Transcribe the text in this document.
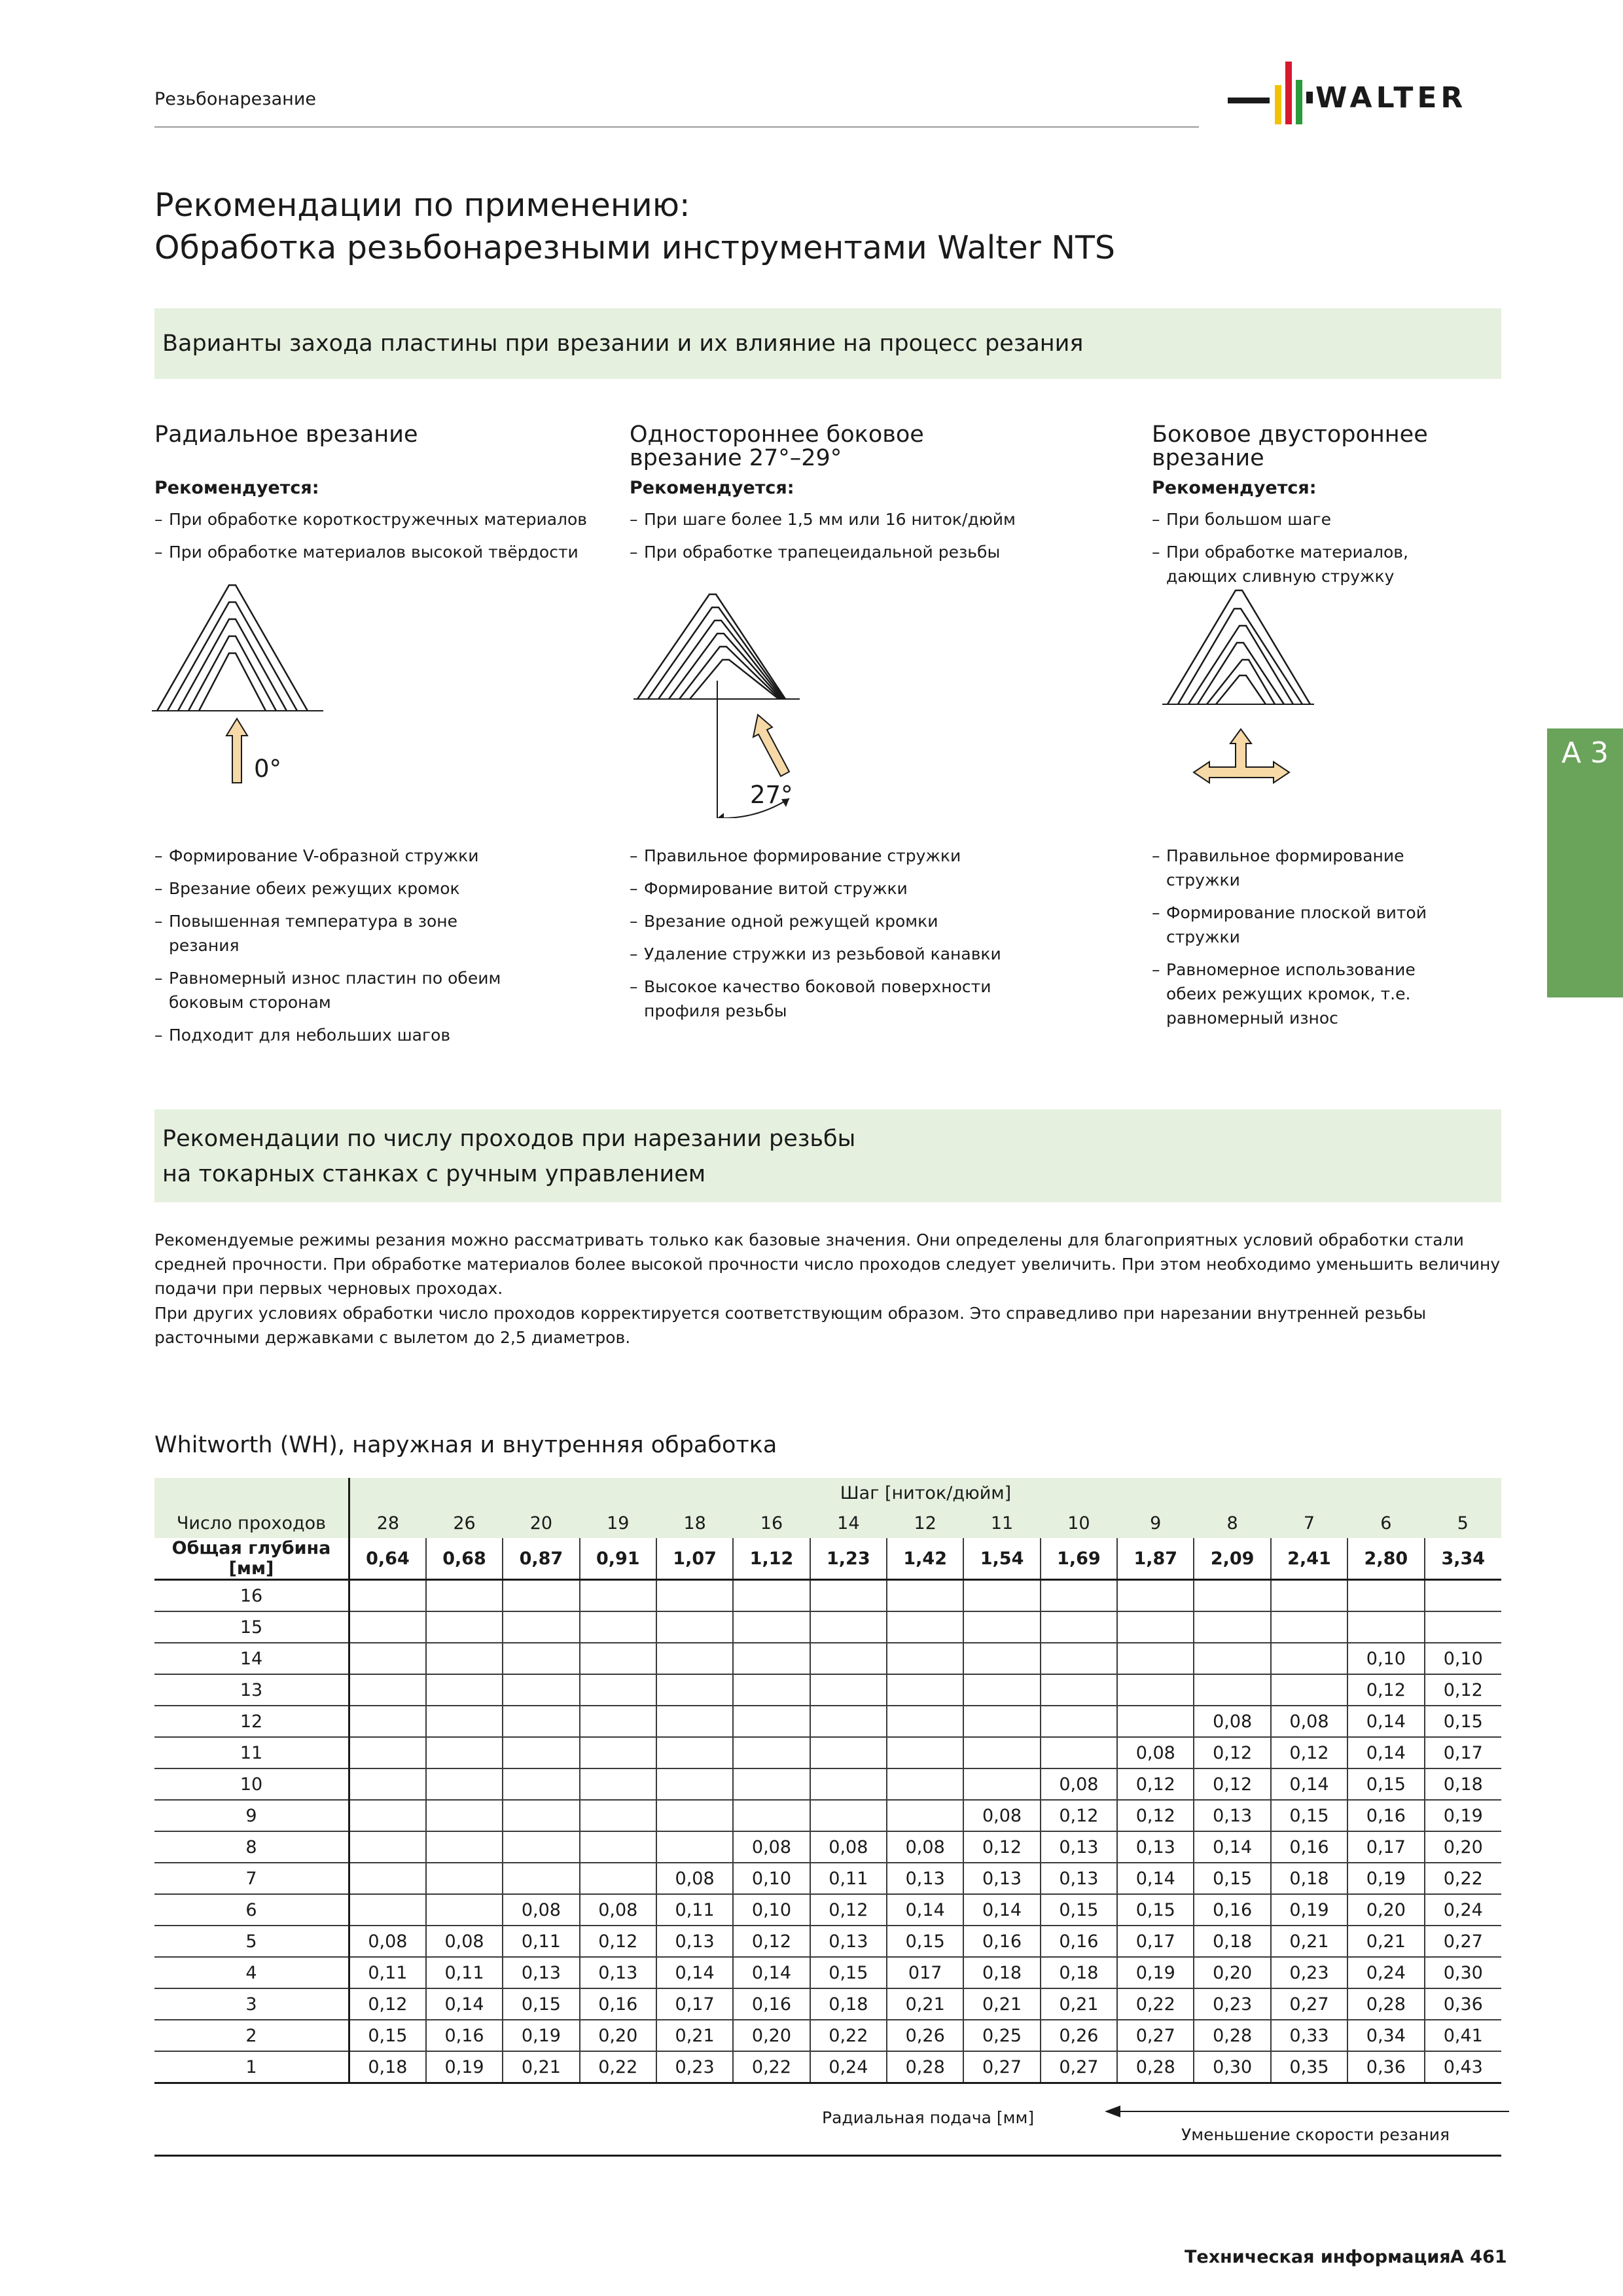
Резьбонарезание	WALTER
A 3
Рекомендации по применению:
Обработка резьбонарезными инструментами Walter NTS
Варианты захода пластины при врезании и их влияние на процесс резания
Радиальное врезание
Рекомендуется:
– При обработке короткостружечных материалов
– При обработке материалов высокой твёрдости
0°
– Формирование V-образной стружки
– Врезание обеих режущих кромок
– Повышенная температура в зоне резания
– Равномерный износ пластин по обеим боковым сторонам
– Подходит для небольших шагов
Одностороннее боковое
врезание 27°–29°
Рекомендуется:
– При шаге более 1,5 мм или 16 ниток/дюйм
– При обработке трапецеидальной резьбы
27°
– Правильное формирование стружки
– Формирование витой стружки
– Врезание одной режущей кромки
– Удаление стружки из резьбовой канавки
– Высокое качество боковой поверхности профиля резьбы
Боковое двустороннее
врезание
Рекомендуется:
– При большом шаге
– При обработке материалов, дающих сливную стружку
– Правильное формирование стружки
– Формирование плоской витой стружки
– Равномерное использование обеих режущих кромок, т.е. равномерный износ
Рекомендации по числу проходов при нарезании резьбы
на токарных станках с ручным управлением
Рекомендуемые режимы резания можно рассматривать только как базовые значения. Они определены для благоприятных условий обработки стали средней прочности. При обработке материалов более высокой прочности число проходов следует увеличить. При этом необходимо уменьшить величину подачи при первых черновых проходах.
При других условиях обработки число проходов корректируется соответствующим образом. Это справедливо при нарезании внутренней резьбы расточными державками с вылетом до 2,5 диаметров.
Whitworth (WH), наружная и внутренняя обработка
	Шаг [ниток/дюйм]														
Число проходов	28	26	20	19	18	16	14	12	11	10	9	8	7	6	5
Общая глубина [мм]	0,64	0,68	0,87	0,91	1,07	1,12	1,23	1,42	1,54	1,69	1,87	2,09	2,41	2,80	3,34
16															
15															
14														0,10	0,10
13														0,12	0,12
12												0,08	0,08	0,14	0,15
11											0,08	0,12	0,12	0,14	0,17
10										0,08	0,12	0,12	0,14	0,15	0,18
9									0,08	0,12	0,12	0,13	0,15	0,16	0,19
8						0,08	0,08	0,08	0,12	0,13	0,13	0,14	0,16	0,17	0,20
7					0,08	0,10	0,11	0,13	0,13	0,13	0,14	0,15	0,18	0,19	0,22
6			0,08	0,08	0,11	0,10	0,12	0,14	0,14	0,15	0,15	0,16	0,19	0,20	0,24
5	0,08	0,08	0,11	0,12	0,13	0,12	0,13	0,15	0,16	0,16	0,17	0,18	0,21	0,21	0,27
4	0,11	0,11	0,13	0,13	0,14	0,14	0,15	017	0,18	0,18	0,19	0,20	0,23	0,24	0,30
3	0,12	0,14	0,15	0,16	0,17	0,16	0,18	0,21	0,21	0,21	0,22	0,23	0,27	0,28	0,36
2	0,15	0,16	0,19	0,20	0,21	0,20	0,22	0,26	0,25	0,26	0,27	0,28	0,33	0,34	0,41
1	0,18	0,19	0,21	0,22	0,23	0,22	0,24	0,28	0,27	0,27	0,28	0,30	0,35	0,36	0,43
Радиальная подача [мм]
Уменьшение скорости резания
Техническая информация A 461
